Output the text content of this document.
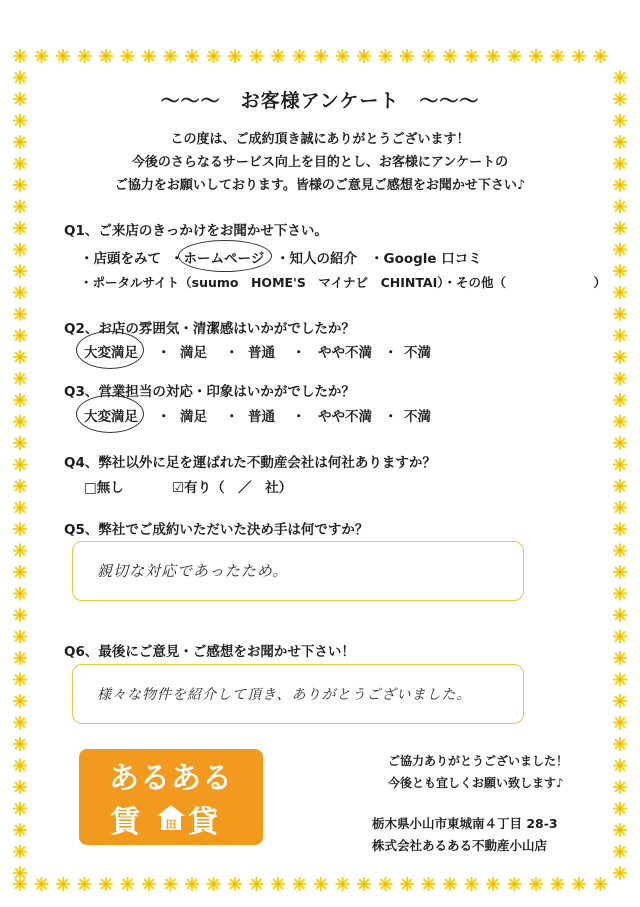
～～～　お客様アンケート　～～～
この度は、ご成約頂き誠にありがとうございます！
今後のさらなるサービス向上を目的とし、お客様にアンケートの
ご協力をお願いしております。皆様のご意見ご感想をお聞かせ下さい♪
Q1、ご来店のきっかけをお聞かせ下さい。
・店頭をみて ・ホームページ ・知人の紹介 ・Google 口コミ
・ポータルサイト（suumo　HOME'S　マイナビ　CHINTAI）・その他（　　　　　　　）
Q2、お店の雰囲気・清潔感はいかがでしたか？
大変満足 ・ 満足 ・ 普通 ・ やや不満 ・ 不満
Q3、営業担当の対応・印象はいかがでしたか？
大変満足 ・ 満足 ・ 普通 ・ やや不満 ・ 不満
Q4、弊社以外に足を運ばれた不動産会社は何社ありますか？
□無し	☑有り（　／　社）
Q5、弊社でご成約いただいた決め手は何ですか？
親切な対応であったため。
Q6、最後にご意見・ご感想をお聞かせ下さい！
様々な物件を紹介して頂き、ありがとうございました。
あるある
賃 貸
田
ご協力ありがとうございました！
今後とも宜しくお願い致します♪
栃木県小山市東城南４丁目 28-3
株式会社あるある不動産小山店
